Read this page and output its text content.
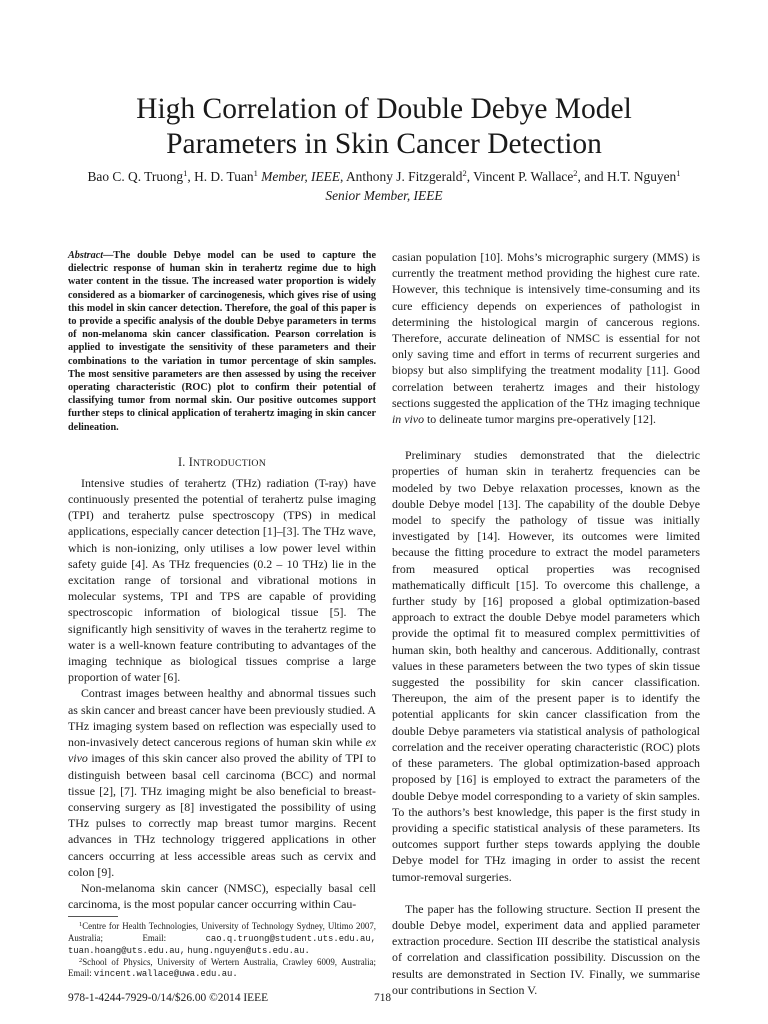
High Correlation of Double Debye Model
Parameters in Skin Cancer Detection
Bao C. Q. Truong$^1$, H. D. Tuan$^1$ Member, IEEE, Anthony J. Fitzgerald$^2$, Vincent P. Wallace$^2$, and H.T. Nguyen$^1$
Senior Member, IEEE

Abstract—The double Debye model can be used to capture the dielectric response of human skin in terahertz regime due to high water content in the tissue. The increased water proportion is widely considered as a biomarker of carcinogenesis, which gives rise of using this model in skin cancer detection. Therefore, the goal of this paper is to provide a specific analysis of the double Debye parameters in terms of non-melanoma skin cancer classification. Pearson correlation is applied to investigate the sensitivity of these parameters and their combinations to the variation in tumor percentage of skin samples. The most sensitive parameters are then assessed by using the receiver operating characteristic (ROC) plot to confirm their potential of classifying tumor from normal skin. Our positive outcomes support further steps to clinical application of terahertz imaging in skin cancer delineation.

I. INTRODUCTION

Intensive studies of terahertz (THz) radiation (T-ray) have continuously presented the potential of terahertz pulse imaging (TPI) and terahertz pulse spectroscopy (TPS) in medical applications, especially cancer detection [1]–[3]. The THz wave, which is non-ionizing, only utilises a low power level within safety guide [4]. As THz frequencies (0.2 – 10 THz) lie in the excitation range of torsional and vibrational motions in molecular systems, TPI and TPS are capable of providing spectroscopic information of biological tissue [5]. The significantly high sensitivity of waves in the terahertz regime to water is a well-known feature contributing to advantages of the imaging technique as biological tissues comprise a large proportion of water [6].

Contrast images between healthy and abnormal tissues such as skin cancer and breast cancer have been previously studied. A THz imaging system based on reflection was especially used to non-invasively detect cancerous regions of human skin while ex vivo images of this skin cancer also proved the ability of TPI to distinguish between basal cell carcinoma (BCC) and normal tissue [2], [7]. THz imaging might be also beneficial to breast-conserving surgery as [8] investigated the possibility of using THz pulses to correctly map breast tumor margins. Recent advances in THz technology triggered applications in other cancers occurring at less accessible areas such as cervix and colon [9].

Non-melanoma skin cancer (NMSC), especially basal cell carcinoma, is the most popular cancer occurring within Cau-

$^1$Centre for Health Technologies, University of Technology Sydney, Ultimo 2007, Australia; Email:	cao.q.truong@student.uts.edu.au, tuan.hoang@uts.edu.au, hung.nguyen@uts.edu.au.

$^2$School of Physics, University of Wertern Australia, Crawley 6009, Australia; Email: vincent.wallace@uwa.edu.au.

casian population [10]. Mohs’s micrographic surgery (MMS) is currently the treatment method providing the highest cure rate. However, this technique is intensively time-consuming and its cure efficiency depends on experiences of pathologist in determining the histological margin of cancerous regions. Therefore, accurate delineation of NMSC is essential for not only saving time and effort in terms of recurrent surgeries and biopsy but also simplifying the treatment modality [11]. Good correlation between terahertz images and their histology sections suggested the application of the THz imaging technique in vivo to delineate tumor margins pre-operatively [12].

Preliminary studies demonstrated that the dielectric properties of human skin in terahertz frequencies can be modeled by two Debye relaxation processes, known as the double Debye model [13]. The capability of the double Debye model to specify the pathology of tissue was initially investigated by [14]. However, its outcomes were limited because the fitting procedure to extract the model parameters from measured optical properties was recognised mathematically difficult [15]. To overcome this challenge, a further study by [16] proposed a global optimization-based approach to extract the double Debye model parameters which provide the optimal fit to measured complex permittivities of human skin, both healthy and cancerous. Additionally, contrast values in these parameters between the two types of skin tissue suggested the possibility for skin cancer classification. Thereupon, the aim of the present paper is to identify the potential applicants for skin cancer classification from the double Debye parameters via statistical analysis of pathological correlation and the receiver operating characteristic (ROC) plots of these parameters. The global optimization-based approach proposed by [16] is employed to extract the parameters of the double Debye model corresponding to a variety of skin samples. To the authors’s best knowledge, this paper is the first study in providing a specific statistical analysis of these parameters. Its outcomes support further steps towards applying the double Debye model for THz imaging in order to assist the recent tumor-removal surgeries.

The paper has the following structure. Section II present the double Debye model, experiment data and applied parameter extraction procedure. Section III describe the statistical analysis of correlation and classification possibility. Discussion on the results are demonstrated in Section IV. Finally, we summarise our contributions in Section V.

978-1-4244-7929-0/14/$26.00 ©2014 IEEE	718
